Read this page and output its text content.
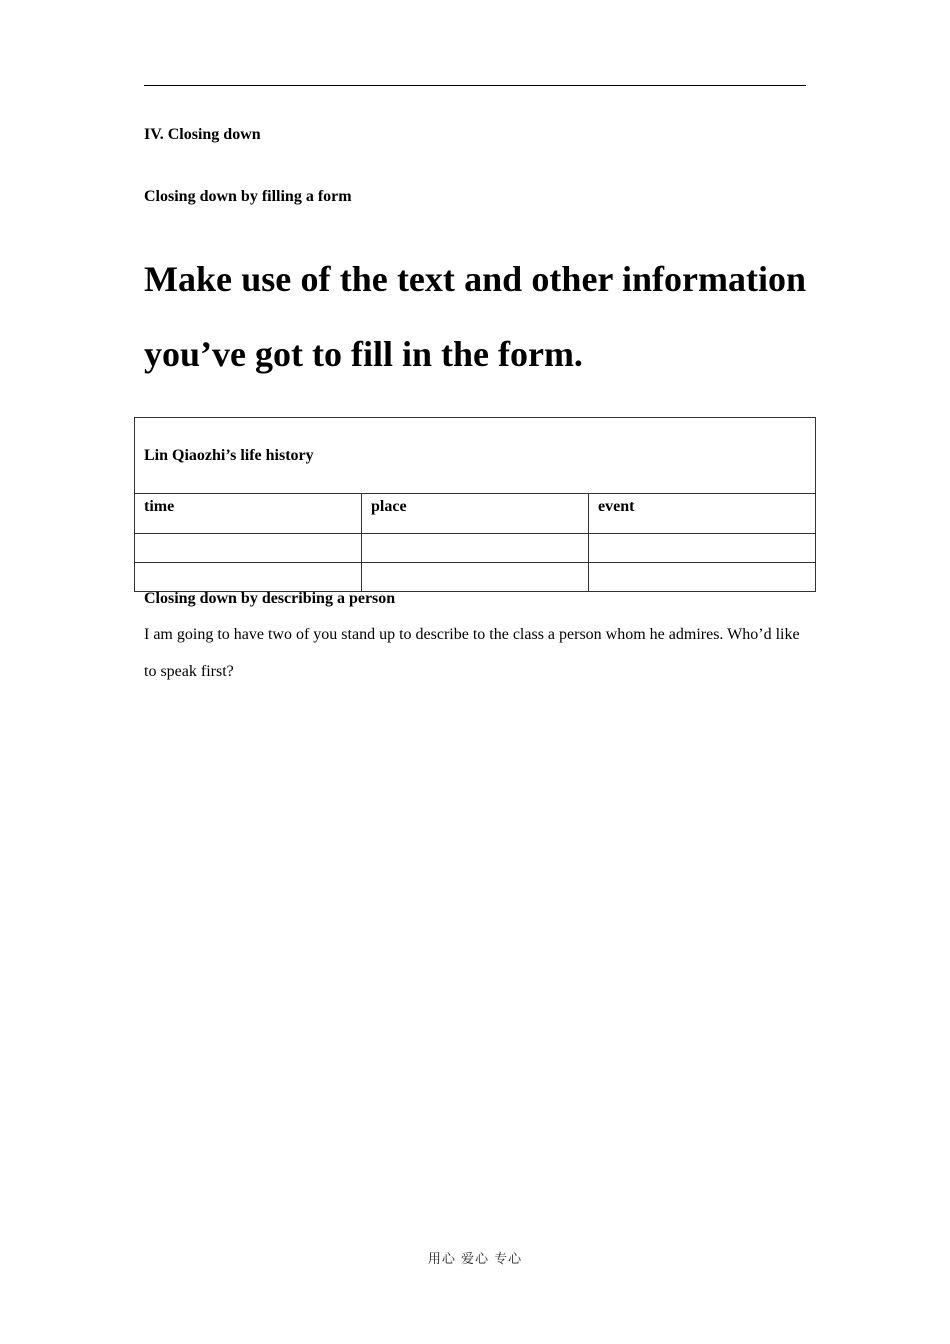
IV. Closing down
Closing down by filling a form
Make use of the text and other information
you’ve got to fill in the form.
Lin Qiaozhi’s life history		
time	place	event

Closing down by describing a person
I am going to have two of you stand up to describe to the class a person whom he admires. Who’d like to speak first?
用心 爱心 专心
